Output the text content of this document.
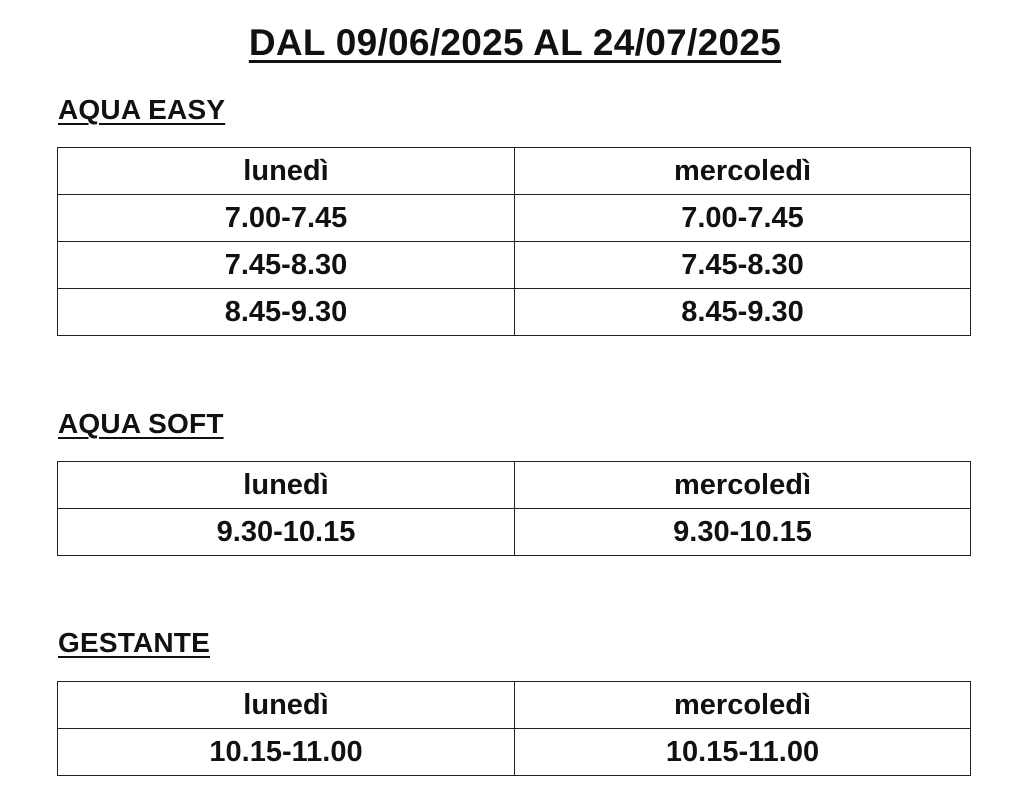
DAL 09/06/2025 AL 24/07/2025
AQUA EASY
lunedì	mercoledì
7.00-7.45	7.00-7.45
7.45-8.30	7.45-8.30
8.45-9.30	8.45-9.30
AQUA SOFT
lunedì	mercoledì
9.30-10.15	9.30-10.15
GESTANTE
lunedì	mercoledì
10.15-11.00	10.15-11.00
